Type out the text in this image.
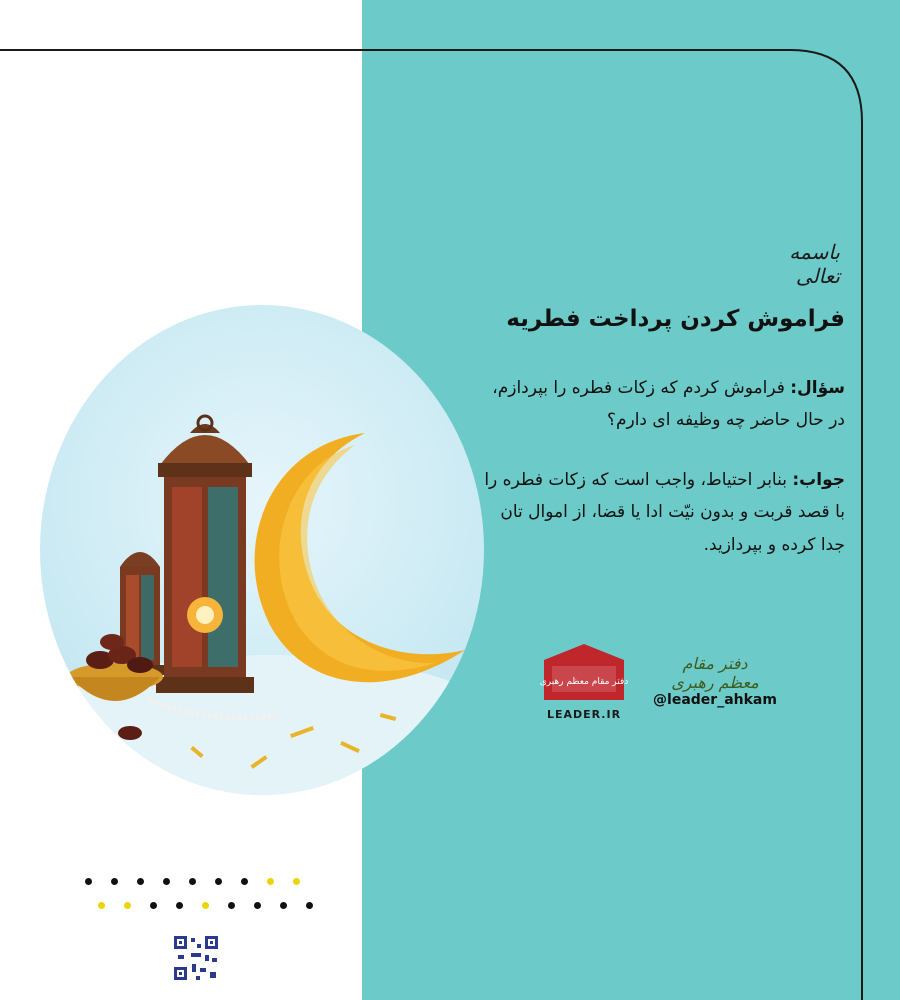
باسمه تعالی
فراموش کردن پرداخت فطریه
سؤال: فراموش کردم که زکات فطره را بپردازم، در حال حاضر چه وظیفه ای دارم؟
جواب: بنابر احتیاط، واجب است که زکات فطره را با قصد قربت و بدون نیّت ادا یا قضا، از اموال تان جدا کرده و بپردازید.
دفتر مقام معظم رهبری
LEADER.IR
دفتر مقام معظم رهبری
@leader_ahkam
